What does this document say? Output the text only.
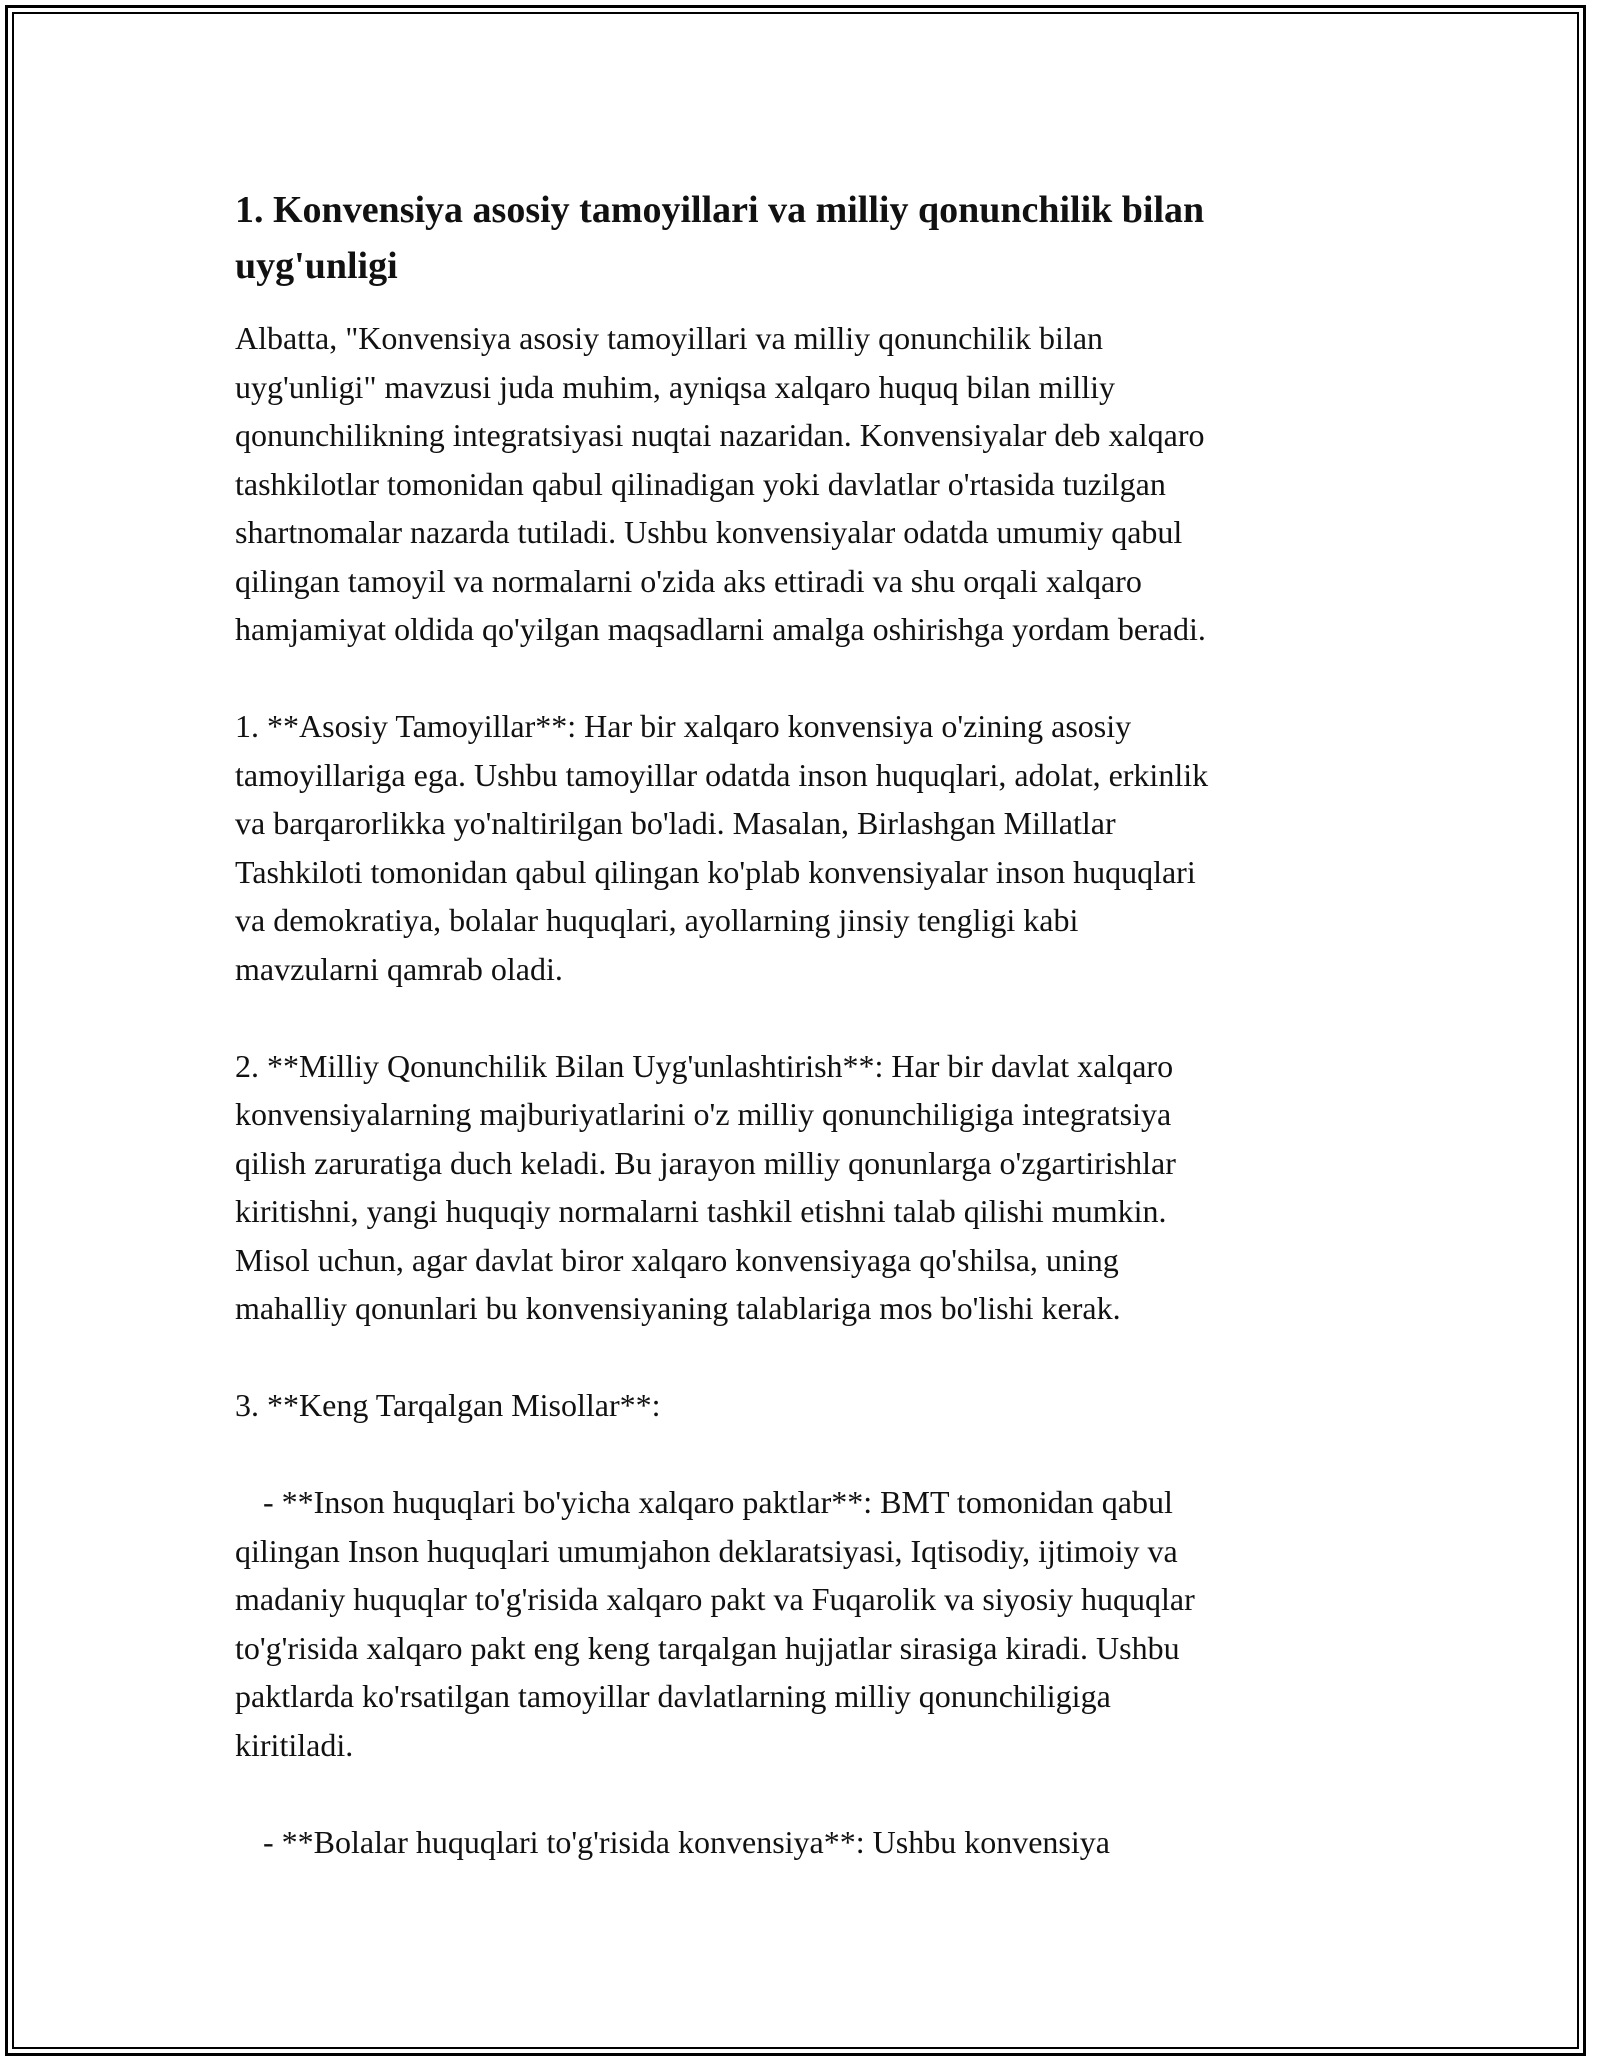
1. Konvensiya asosiy tamoyillari va milliy qonunchilik bilan
uyg'unligi
Albatta, "Konvensiya asosiy tamoyillari va milliy qonunchilik bilan
uyg'unligi" mavzusi juda muhim, ayniqsa xalqaro huquq bilan milliy
qonunchilikning integratsiyasi nuqtai nazaridan. Konvensiyalar deb xalqaro
tashkilotlar tomonidan qabul qilinadigan yoki davlatlar o'rtasida tuzilgan
shartnomalar nazarda tutiladi. Ushbu konvensiyalar odatda umumiy qabul
qilingan tamoyil va normalarni o'zida aks ettiradi va shu orqali xalqaro
hamjamiyat oldida qo'yilgan maqsadlarni amalga oshirishga yordam beradi.
1. **Asosiy Tamoyillar**: Har bir xalqaro konvensiya o'zining asosiy
tamoyillariga ega. Ushbu tamoyillar odatda inson huquqlari, adolat, erkinlik
va barqarorlikka yo'naltirilgan bo'ladi. Masalan, Birlashgan Millatlar
Tashkiloti tomonidan qabul qilingan ko'plab konvensiyalar inson huquqlari
va demokratiya, bolalar huquqlari, ayollarning jinsiy tengligi kabi
mavzularni qamrab oladi.
2. **Milliy Qonunchilik Bilan Uyg'unlashtirish**: Har bir davlat xalqaro
konvensiyalarning majburiyatlarini o'z milliy qonunchiligiga integratsiya
qilish zaruratiga duch keladi. Bu jarayon milliy qonunlarga o'zgartirishlar
kiritishni, yangi huquqiy normalarni tashkil etishni talab qilishi mumkin.
Misol uchun, agar davlat biror xalqaro konvensiyaga qo'shilsa, uning
mahalliy qonunlari bu konvensiyaning talablariga mos bo'lishi kerak.
3. **Keng Tarqalgan Misollar**:
- **Inson huquqlari bo'yicha xalqaro paktlar**: BMT tomonidan qabul
qilingan Inson huquqlari umumjahon deklaratsiyasi, Iqtisodiy, ijtimoiy va
madaniy huquqlar to'g'risida xalqaro pakt va Fuqarolik va siyosiy huquqlar
to'g'risida xalqaro pakt eng keng tarqalgan hujjatlar sirasiga kiradi. Ushbu
paktlarda ko'rsatilgan tamoyillar davlatlarning milliy qonunchiligiga
kiritiladi.
- **Bolalar huquqlari to'g'risida konvensiya**: Ushbu konvensiya
